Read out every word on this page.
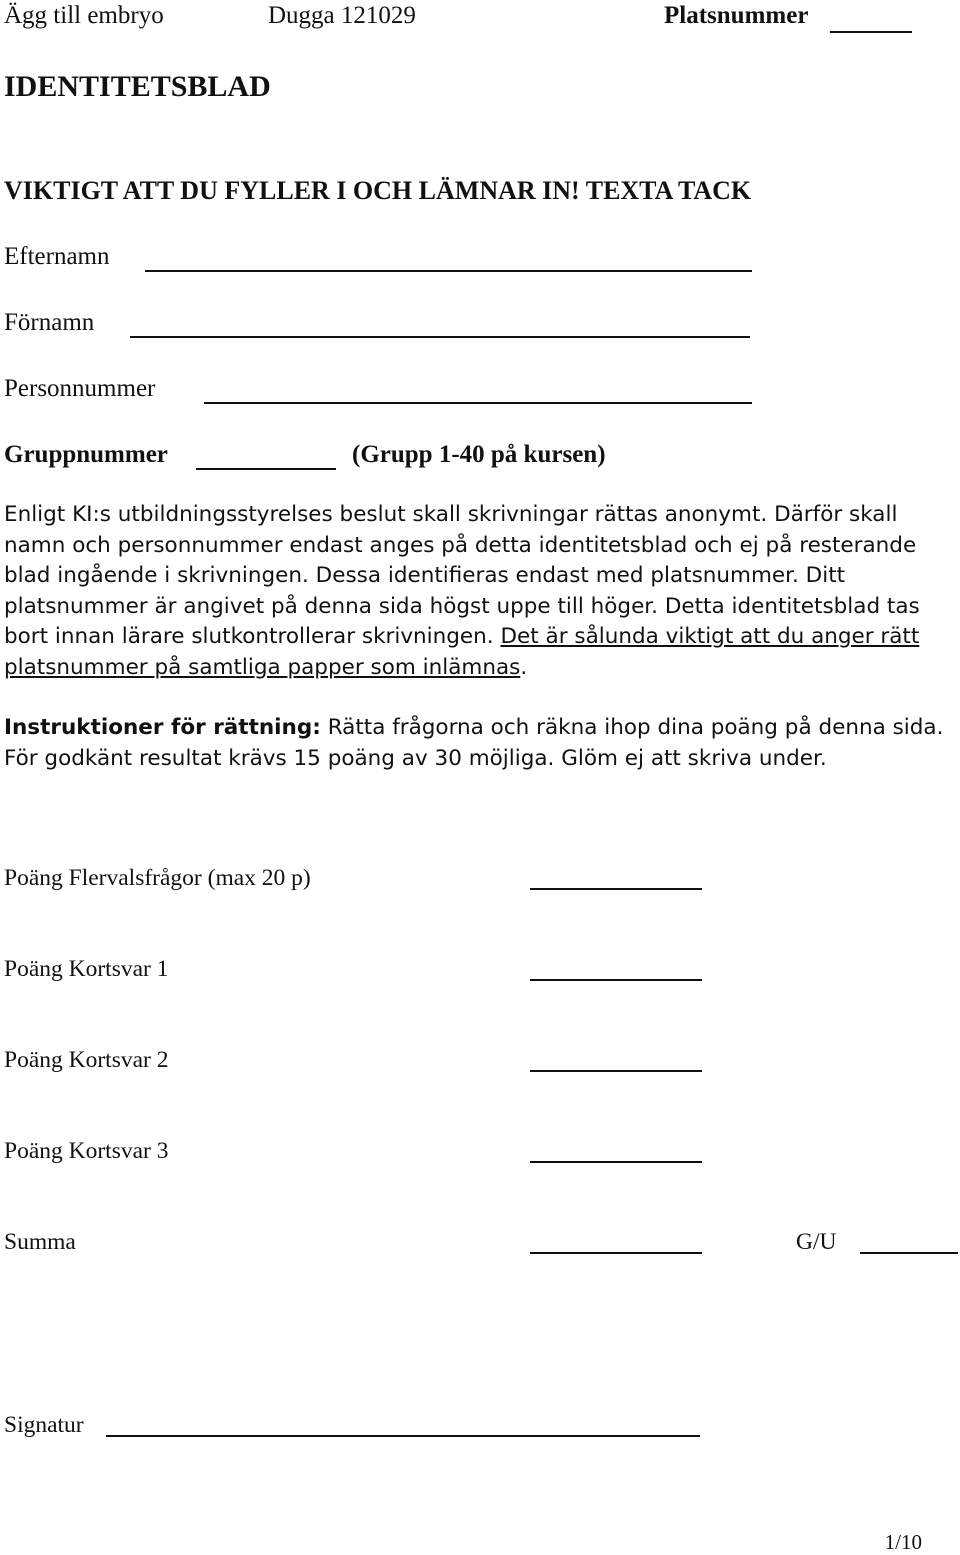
Ägg till embryo	Dugga 121029	Platsnummer
IDENTITETSBLAD
VIKTIGT ATT DU FYLLER I OCH LÄMNAR IN! TEXTA TACK
Efternamn
Förnamn
Personnummer
Gruppnummer	(Grupp 1-40 på kursen)
Enligt KI:s utbildningsstyrelses beslut skall skrivningar rättas anonymt. Därför skall namn och personnummer endast anges på detta identitetsblad och ej på resterande blad ingående i skrivningen. Dessa identifieras endast med platsnummer. Ditt platsnummer är angivet på denna sida högst uppe till höger. Detta identitetsblad tas bort innan lärare slutkontrollerar skrivningen. Det är sålunda viktigt att du anger rätt platsnummer på samtliga papper som inlämnas.
Instruktioner för rättning: Rätta frågorna och räkna ihop dina poäng på denna sida. För godkänt resultat krävs 15 poäng av 30 möjliga. Glöm ej att skriva under.
Poäng Flervalsfrågor (max 20 p)
Poäng Kortsvar 1
Poäng Kortsvar 2
Poäng Kortsvar 3
Summa	G/U
Signatur
1/10
